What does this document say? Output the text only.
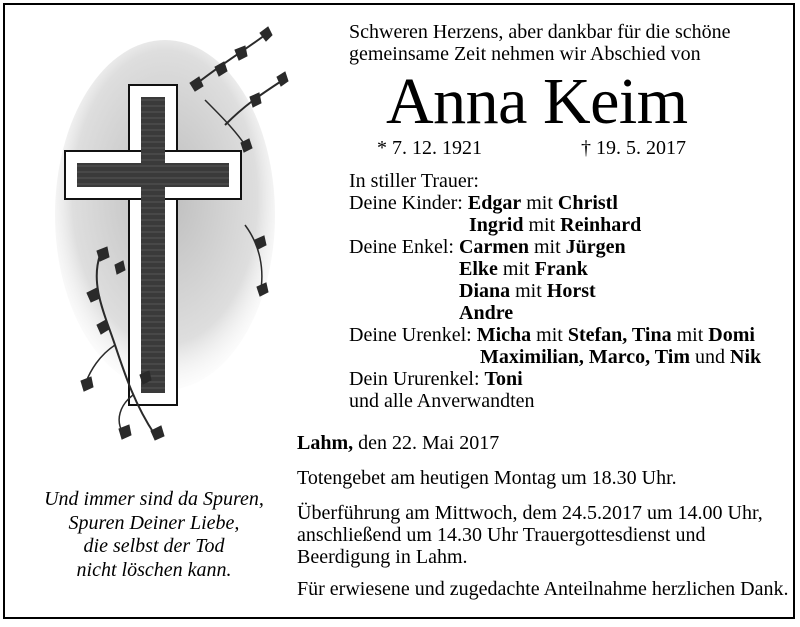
Schweren Herzens, aber dankbar für die schöne
gemeinsame Zeit nehmen wir Abschied von
Anna Keim
* 7. 12. 1921	† 19. 5. 2017
In stiller Trauer:
Deine Kinder: Edgar mit Christl
Ingrid mit Reinhard
Deine Enkel: Carmen mit Jürgen
Elke mit Frank
Diana mit Horst
Andre
Deine Urenkel: Micha mit Stefan, Tina mit Domi
Maximilian, Marco, Tim und Nik
Dein Ururenkel: Toni
und alle Anverwandten

Lahm, den 22. Mai 2017

Totengebet am heutigen Montag um 18.30 Uhr.

Überführung am Mittwoch, dem 24.5.2017 um 14.00 Uhr,
anschließend um 14.30 Uhr Trauergottesdienst und
Beerdigung in Lahm.

Für erwiesene und zugedachte Anteilnahme herzlichen Dank.

Und immer sind da Spuren,
Spuren Deiner Liebe,
die selbst der Tod
nicht löschen kann.
